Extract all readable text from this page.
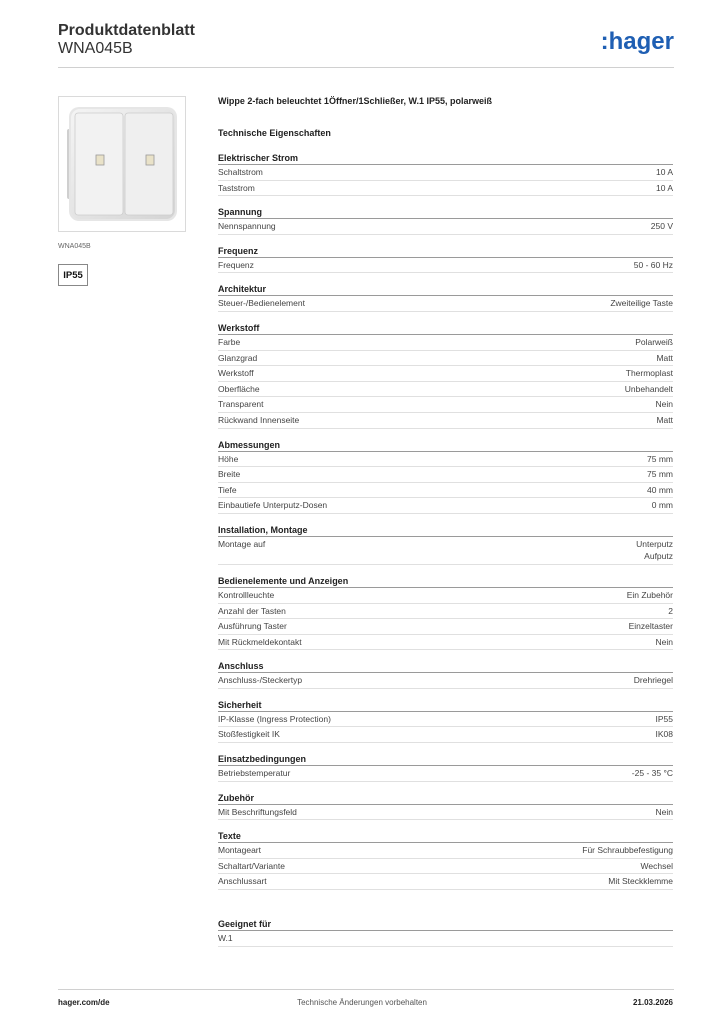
Produktdatenblatt
WNA045B	:hager
WNA045B
IP55
Wippe 2-fach beleuchtet 1Öffner/1Schließer, W.1 IP55, polarweiß
Technische Eigenschaften
Elektrischer Strom
Schaltstrom	10 A
Taststrom	10 A
Spannung
Nennspannung	250 V
Frequenz
Frequenz	50 - 60 Hz
Architektur
Steuer-/Bedienelement	Zweiteilige Taste
Werkstoff
Farbe	Polarweiß
Glanzgrad	Matt
Werkstoff	Thermoplast
Oberfläche	Unbehandelt
Transparent	Nein
Rückwand Innenseite	Matt
Abmessungen
Höhe	75 mm
Breite	75 mm
Tiefe	40 mm
Einbautiefe Unterputz-Dosen	0 mm
Installation, Montage
Montage auf	Unterputz
Aufputz
Bedienelemente und Anzeigen
Kontrollleuchte	Ein Zubehör
Anzahl der Tasten	2
Ausführung Taster	Einzeltaster
Mit Rückmeldekontakt	Nein
Anschluss
Anschluss-/Steckertyp	Drehriegel
Sicherheit
IP-Klasse (Ingress Protection)	IP55
Stoßfestigkeit IK	IK08
Einsatzbedingungen
Betriebstemperatur	-25 - 35 °C
Zubehör
Mit Beschriftungsfeld	Nein
Texte
Montageart	Für Schraubbefestigung
Schaltart/Variante	Wechsel
Anschlussart	Mit Steckklemme
Geeignet für
W.1
hager.com/de	Technische Änderungen vorbehalten	21.03.2026
